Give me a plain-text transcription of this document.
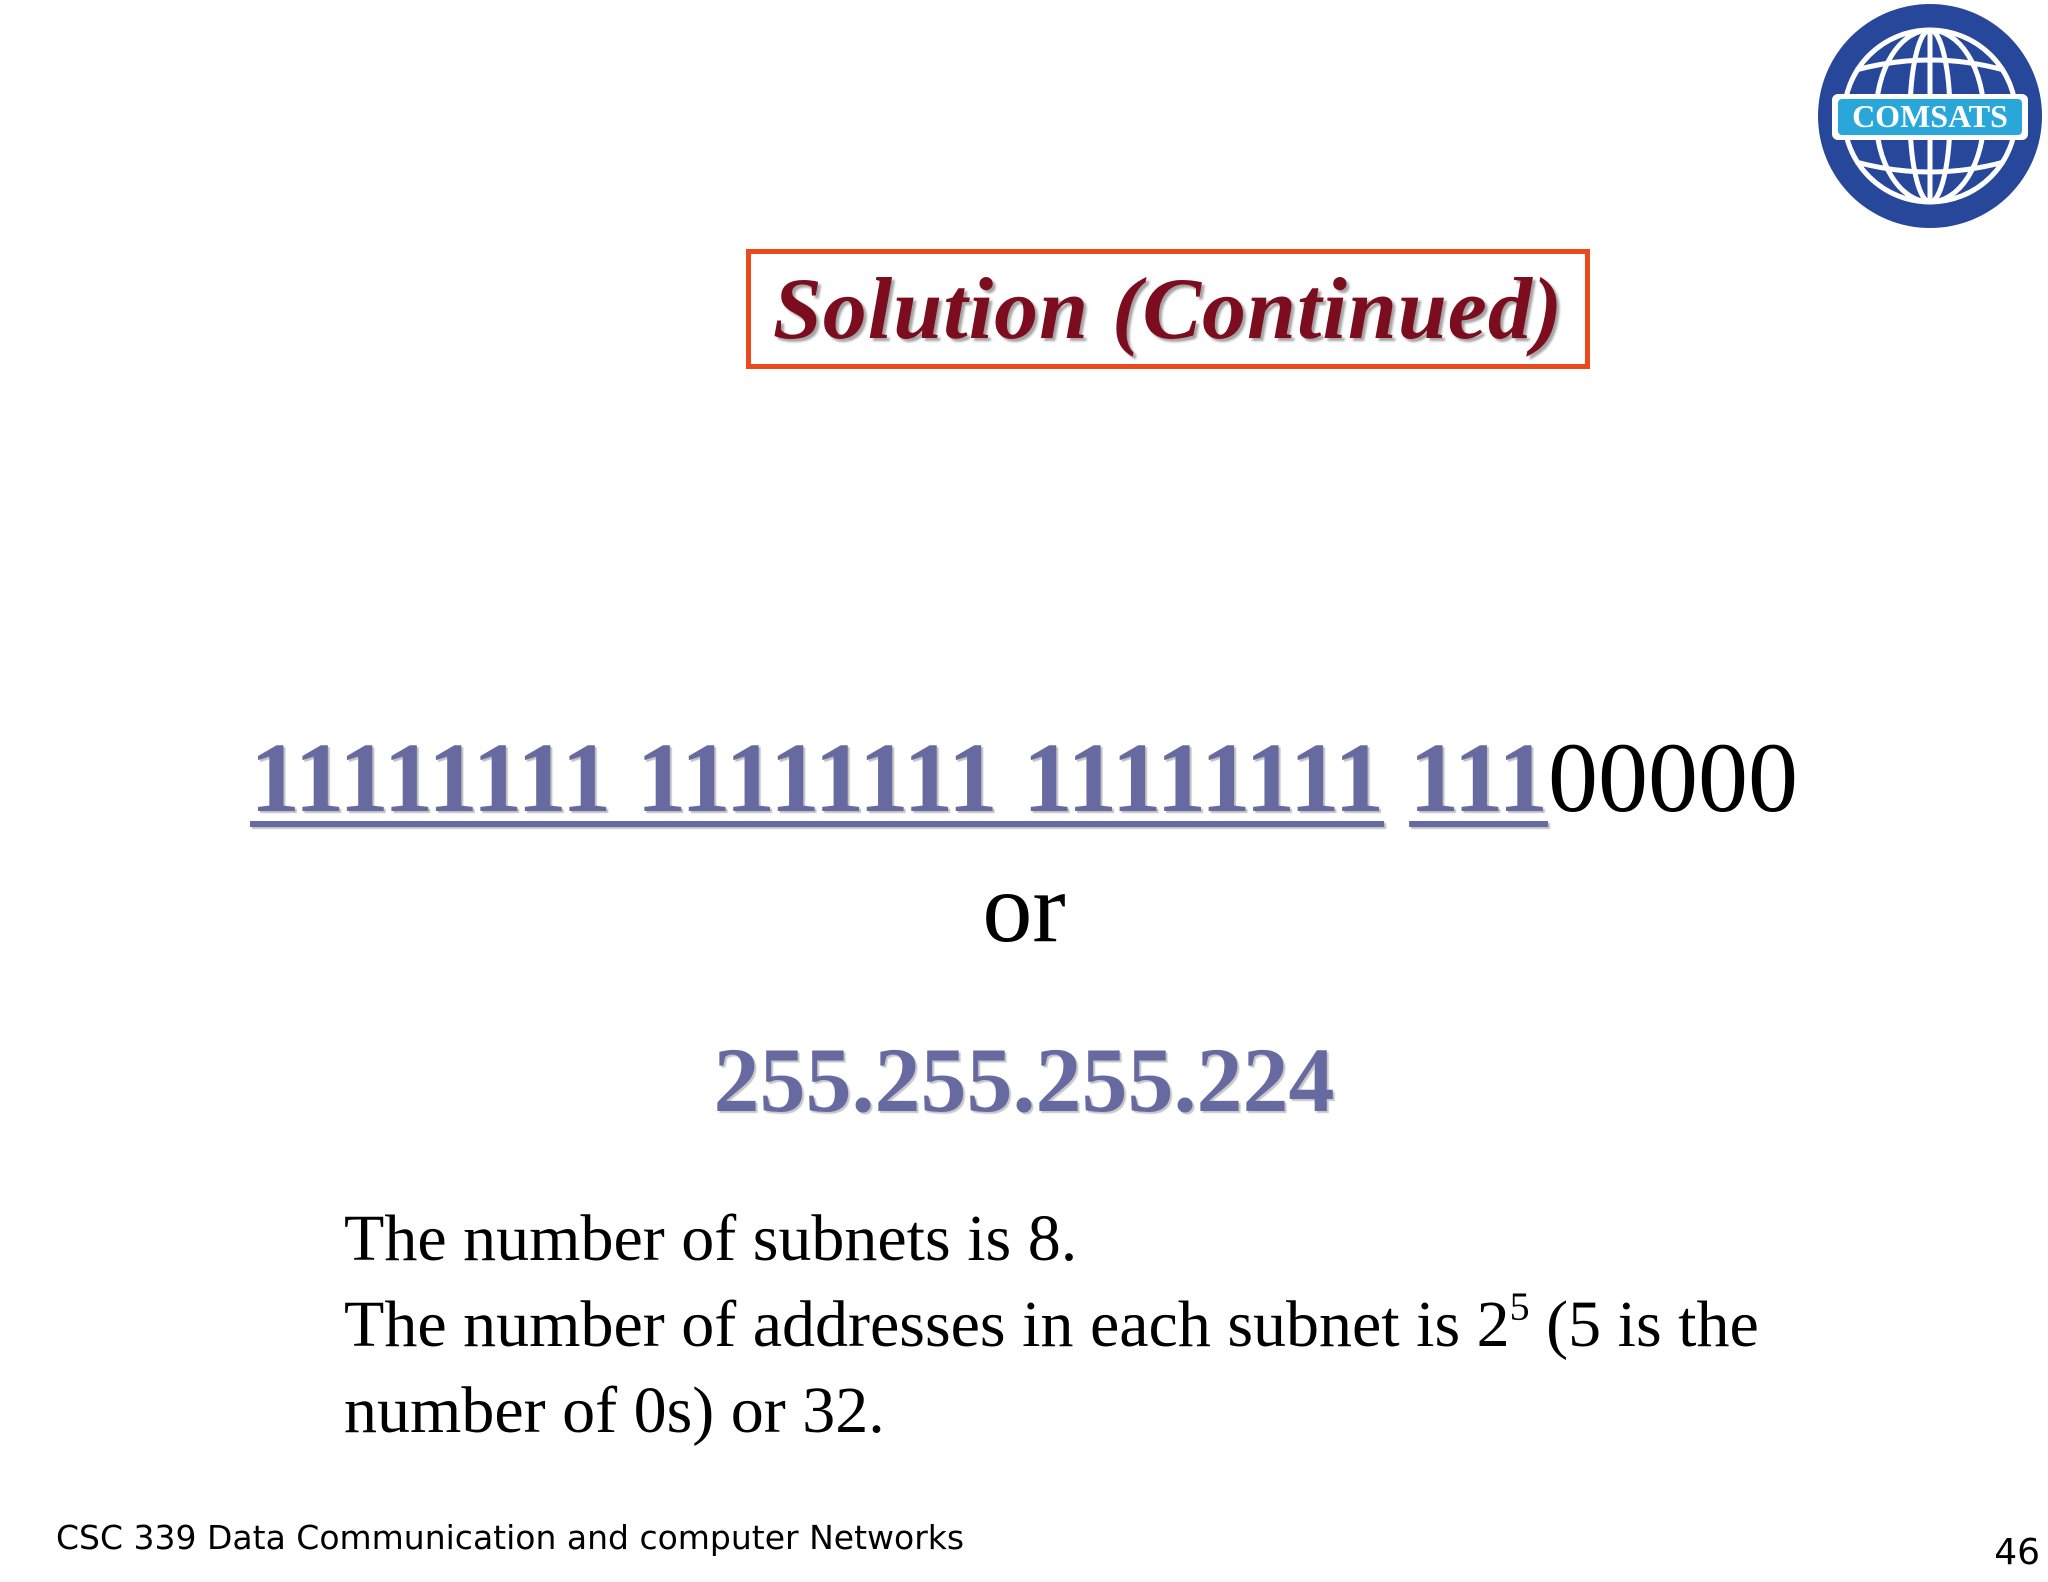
COMSATS
Solution (Continued)
11111111 11111111 11111111 11100000
or
255.255.255.224

The number of subnets is 8.

The number of addresses in each subnet is $2^5$ (5 is the number of 0s) or 32.

CSC 339 Data Communication and computer Networks	46
